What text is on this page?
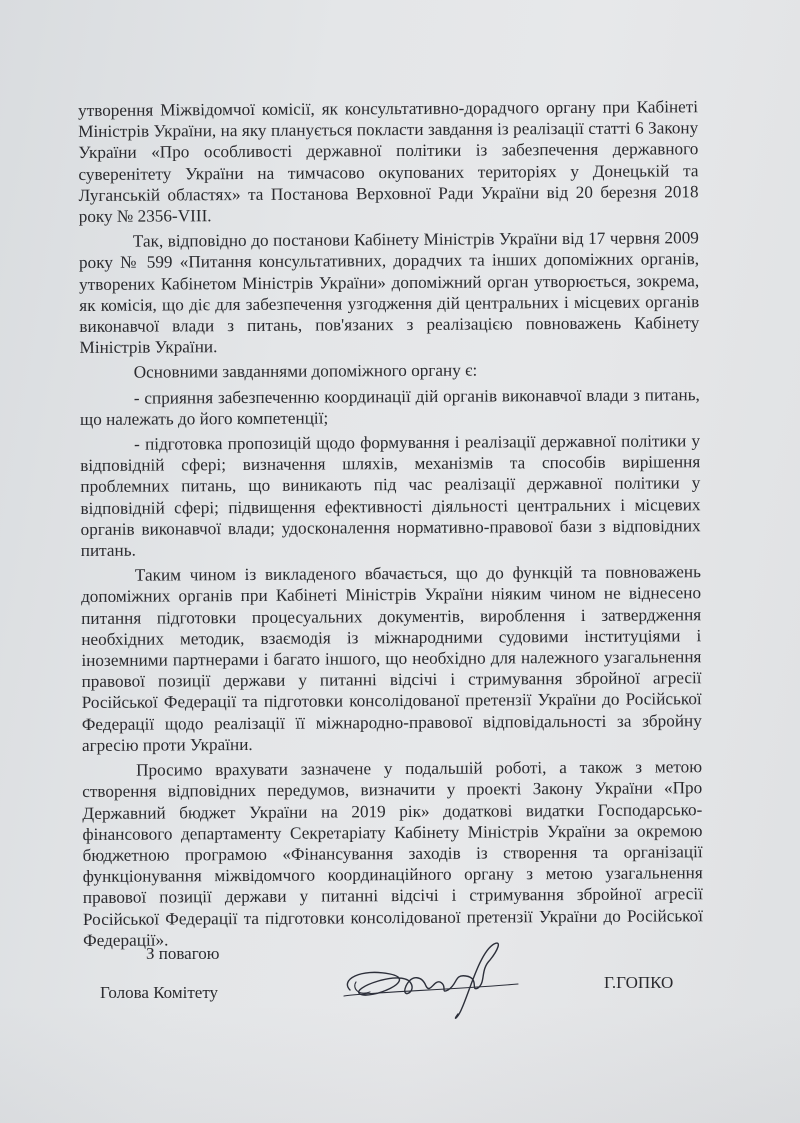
утворення Міжвідомчої комісії, як консультативно-дорадчого органу при Кабінеті Міністрів України, на яку планується покласти завдання із реалізації статті 6 Закону України «Про особливості державної політики із забезпечення державного суверенітету України на тимчасово окупованих територіях у Донецькій та Луганській областях» та Постанова Верховної Ради України від 20 березня 2018 року № 2356-VIII.

Так, відповідно до постанови Кабінету Міністрів України від 17 червня 2009 року № 599 «Питання консультативних, дорадчих та інших допоміжних органів, утворених Кабінетом Міністрів України» допоміжний орган утворюється, зокрема, як комісія, що діє для забезпечення узгодження дій центральних і місцевих органів виконавчої влади з питань, пов'язаних з реалізацією повноважень Кабінету Міністрів України.

Основними завданнями допоміжного органу є:

- сприяння забезпеченню координації дій органів виконавчої влади з питань, що належать до його компетенції;

- підготовка пропозицій щодо формування і реалізації державної політики у відповідній сфері; визначення шляхів, механізмів та способів вирішення проблемних питань, що виникають під час реалізації державної політики у відповідній сфері; підвищення ефективності діяльності центральних і місцевих органів виконавчої влади; удосконалення нормативно-правової бази з відповідних питань.

Таким чином із викладеного вбачається, що до функцій та повноважень допоміжних органів при Кабінеті Міністрів України ніяким чином не віднесено питання підготовки процесуальних документів, вироблення і затвердження необхідних методик, взаємодія із міжнародними судовими інституціями і іноземними партнерами і багато іншого, що необхідно для належного узагальнення правової позиції держави у питанні відсічі і стримування збройної агресії Російської Федерації та підготовки консолідованої претензії України до Російської Федерації щодо реалізації її міжнародно-правової відповідальності за збройну агресію проти України.

Просимо врахувати зазначене у подальшій роботі, а також з метою створення відповідних передумов, визначити у проекті Закону України «Про Державний бюджет України на 2019 рік» додаткові видатки Господарсько-фінансового департаменту Секретаріату Кабінету Міністрів України за окремою бюджетною програмою «Фінансування заходів із створення та організації функціонування міжвідомчого координаційного органу з метою узагальнення правової позиції держави у питанні відсічі і стримування збройної агресії Російської Федерації та підготовки консолідованої претензії України до Російської Федерації».

З повагою
Голова Комітету
Г.ГОПКО
